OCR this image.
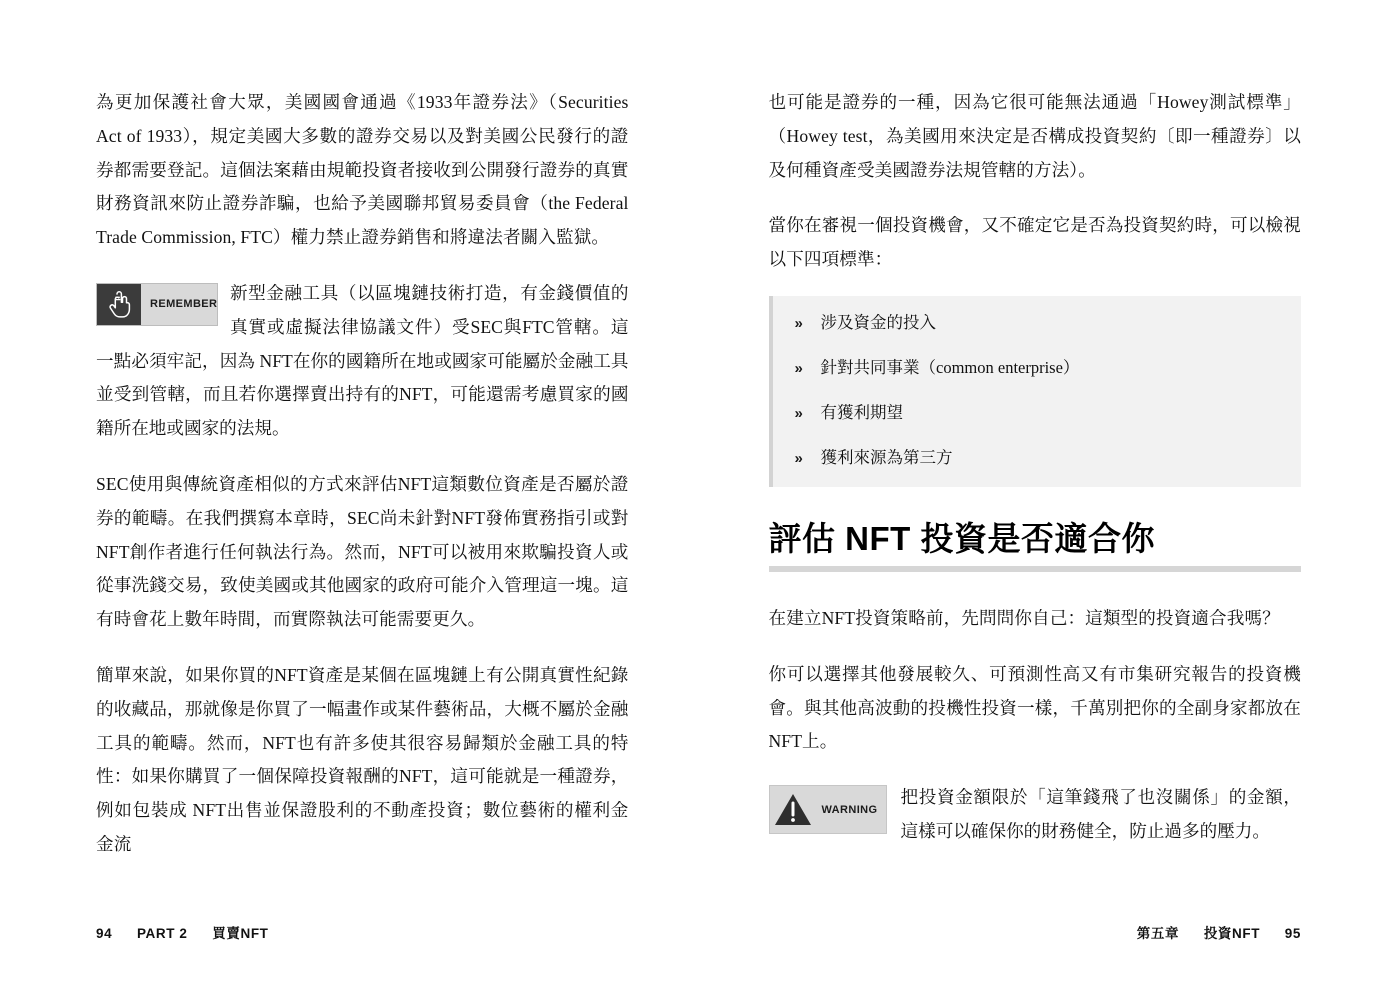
為更加保護社會大眾，美國國會通過《1933年證券法》（Securities Act of 1933），規定美國大多數的證券交易以及對美國公民發行的證券都需要登記。這個法案藉由規範投資者接收到公開發行證券的真實財務資訊來防止證券詐騙，也給予美國聯邦貿易委員會（the Federal Trade Commission, FTC）權力禁止證券銷售和將違法者關入監獄。

REMEMBER

新型金融工具（以區塊鏈技術打造，有金錢價值的真實或虛擬法律協議文件）受SEC與FTC管轄。這一點必須牢記，因為 NFT在你的國籍所在地或國家可能屬於金融工具並受到管轄，而且若你選擇賣出持有的NFT，可能還需考慮買家的國籍所在地或國家的法規。

SEC使用與傳統資產相似的方式來評估NFT這類數位資產是否屬於證券的範疇。在我們撰寫本章時，SEC尚未針對NFT發佈實務指引或對NFT創作者進行任何執法行為。然而，NFT可以被用來欺騙投資人或從事洗錢交易，致使美國或其他國家的政府可能介入管理這一塊。這有時會花上數年時間，而實際執法可能需要更久。

簡單來說，如果你買的NFT資產是某個在區塊鏈上有公開真實性紀錄的收藏品，那就像是你買了一幅畫作或某件藝術品，大概不屬於金融工具的範疇。然而，NFT也有許多使其很容易歸類於金融工具的特性：如果你購買了一個保障投資報酬的NFT，這可能就是一種證券，例如包裝成 NFT出售並保證股利的不動產投資；數位藝術的權利金金流

94 PART 2 買賣NFT

也可能是證券的一種，因為它很可能無法通過「Howey測試標準」（Howey test，為美國用來決定是否構成投資契約〔即一種證券〕以及何種資產受美國證券法規管轄的方法）。

當你在審視一個投資機會，又不確定它是否為投資契約時，可以檢視以下四項標準：

»	涉及資金的投入
»	針對共同事業（common enterprise）
»	有獲利期望
»	獲利來源為第三方
評估 NFT 投資是否適合你

在建立NFT投資策略前，先問問你自己：這類型的投資適合我嗎？

你可以選擇其他發展較久、可預測性高又有市集研究報告的投資機會。與其他高波動的投機性投資一樣，千萬別把你的全副身家都放在NFT上。

WARNING

把投資金額限於「這筆錢飛了也沒關係」的金額，這樣可以確保你的財務健全，防止過多的壓力。

第五章 投資NFT 95
